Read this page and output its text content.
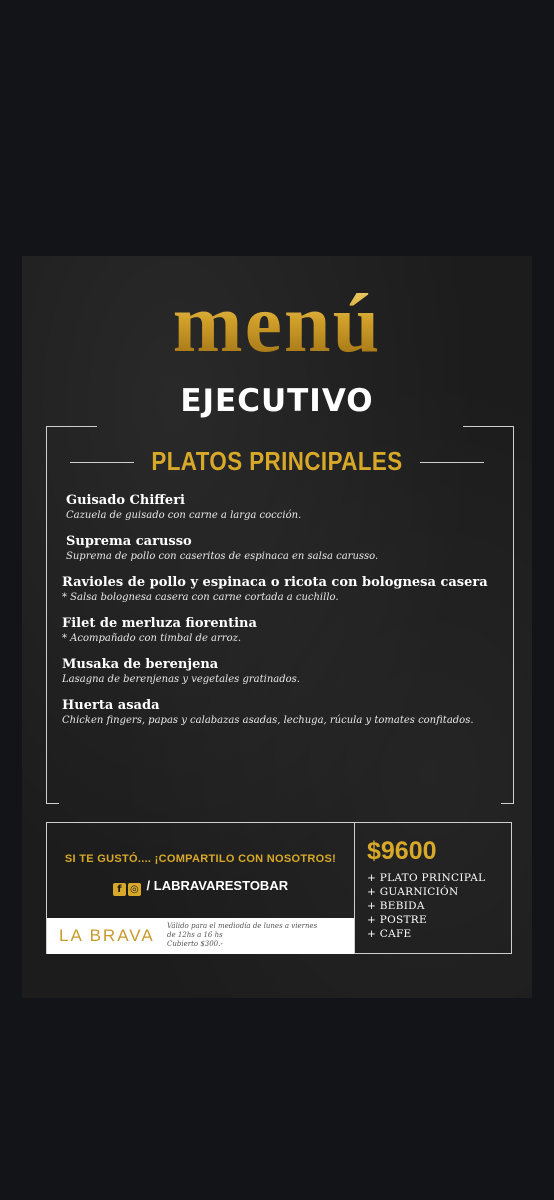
menú
EJECUTIVO
PLATOS PRINCIPALES
Guisado Chifferi
Cazuela de guisado con carne a larga cocción.
Suprema carusso
Suprema de pollo con caseritos de espinaca en salsa carusso.
Ravioles de pollo y espinaca o ricota con bolognesa casera
* Salsa bolognesa casera con carne cortada a cuchillo.
Filet de merluza fiorentina
* Acompañado con timbal de arroz.
Musaka de berenjena
Lasagna de berenjenas y vegetales gratinados.
Huerta asada
Chicken fingers, papas y calabazas asadas, lechuga, rúcula y tomates confitados.
SI TE GUSTÓ.... ¡COMPARTILO CON NOSOTROS!
f ◎ / LABRAVARESTOBAR
LA BRAVA Válido para el mediodía de lunes a viernes
de 12hs a 16 hs
Cubierto $300.-
$9600
+ PLATO PRINCIPAL
+ GUARNICIÓN
+ BEBIDA
+ POSTRE
+ CAFE
